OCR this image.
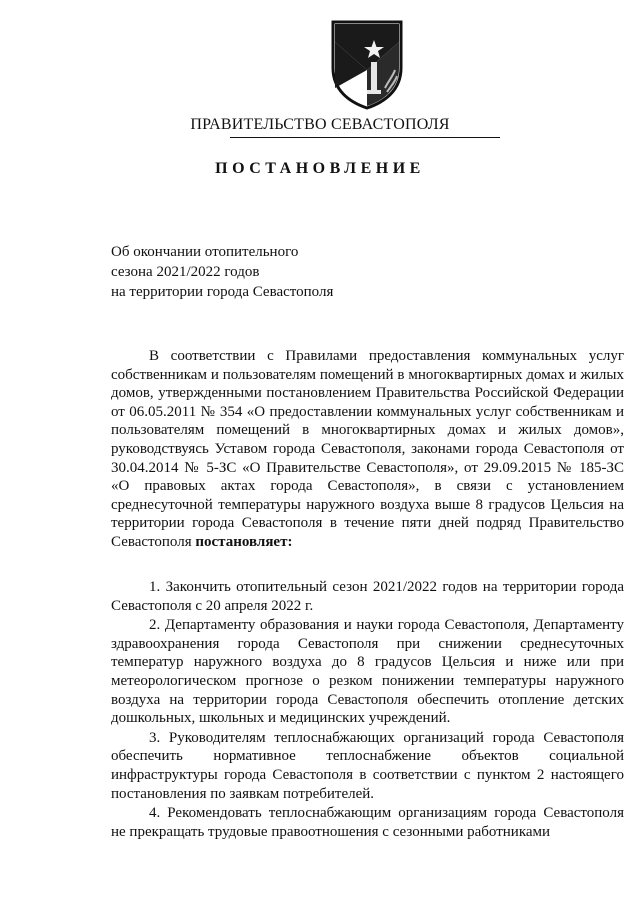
ПРАВИТЕЛЬСТВО СЕВАСТОПОЛЯ
ПОСТАНОВЛЕНИЕ
Об окончании отопительного
сезона 2021/2022 годов
на территории города Севастополя

В соответствии с Правилами предоставления коммунальных услуг собственникам и пользователям помещений в многоквартирных домах и жилых домов, утвержденными постановлением Правительства Российской Федерации от 06.05.2011 № 354 «О предоставлении коммунальных услуг собственникам и пользователям помещений в многоквартирных домах и жилых домов», руководствуясь Уставом города Севастополя, законами города Севастополя от 30.04.2014 № 5-ЗС «О Правительстве Севастополя», от 29.09.2015 № 185-ЗС «О правовых актах города Севастополя», в связи с установлением среднесуточной температуры наружного воздуха выше 8 градусов Цельсия на территории города Севастополя в течение пяти дней подряд Правительство Севастополя постановляет:

1. Закончить отопительный сезон 2021/2022 годов на территории города Севастополя с 20 апреля 2022 г.

2. Департаменту образования и науки города Севастополя, Департаменту здравоохранения города Севастополя при снижении среднесуточных температур наружного воздуха до 8 градусов Цельсия и ниже или при метеорологическом прогнозе о резком понижении температуры наружного воздуха на территории города Севастополя обеспечить отопление детских дошкольных, школьных и медицинских учреждений.

3. Руководителям теплоснабжающих организаций города Севастополя обеспечить нормативное теплоснабжение объектов социальной инфраструктуры города Севастополя в соответствии с пунктом 2 настоящего постановления по заявкам потребителей.

4. Рекомендовать теплоснабжающим организациям города Севастополя не прекращать трудовые правоотношения с сезонными работниками
